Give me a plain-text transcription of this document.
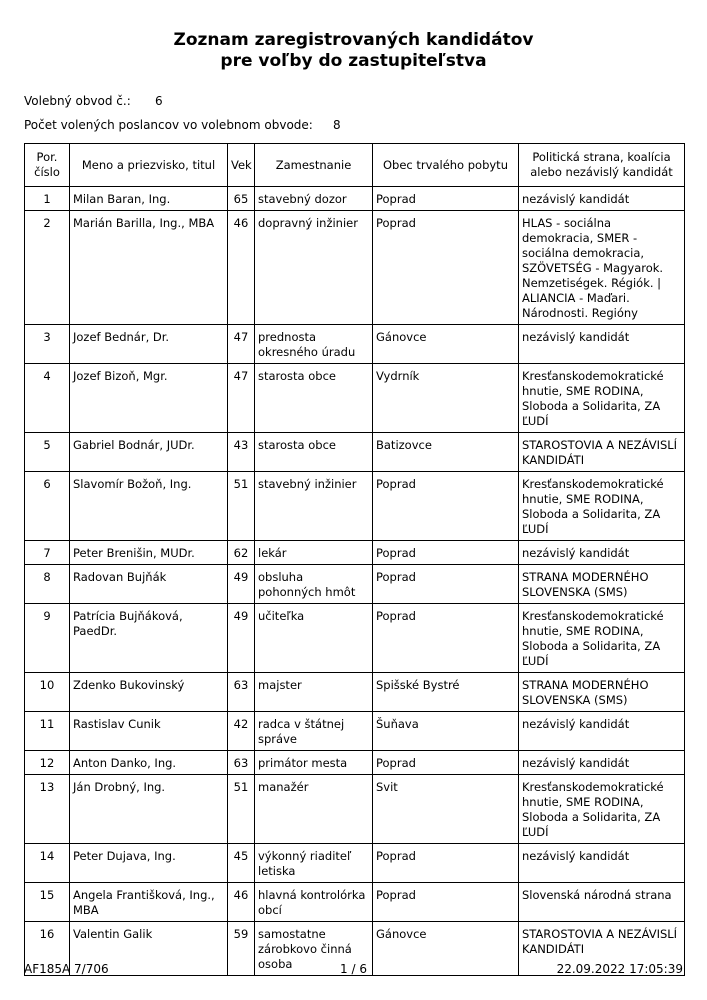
Zoznam zaregistrovaných kandidátov
pre voľby do zastupiteľstva
Volebný obvod č.: 6
Počet volených poslancov vo volebnom obvode: 8
Por.
číslo	Meno a priezvisko, titul	Vek	Zamestnanie	Obec trvalého pobytu	Politická strana, koalícia
alebo nezávislý kandidát
1	Milan Baran, Ing.	65	stavebný dozor	Poprad	nezávislý kandidát
2	Marián Barilla, Ing., MBA	46	dopravný inžinier	Poprad	HLAS - sociálna demokracia, SMER - sociálna demokracia, SZÖVETSÉG - Magyarok. Nemzetiségek. Régiók. | ALIANCIA - Maďari. Národnosti. Regióny
3	Jozef Bednár, Dr.	47	prednosta okresného úradu	Gánovce	nezávislý kandidát
4	Jozef Bizoň, Mgr.	47	starosta obce	Vydrník	Kresťanskodemokratické hnutie, SME RODINA, Sloboda a Solidarita, ZA ĽUDÍ
5	Gabriel Bodnár, JUDr.	43	starosta obce	Batizovce	STAROSTOVIA A NEZÁVISLÍ KANDIDÁTI
6	Slavomír Božoň, Ing.	51	stavebný inžinier	Poprad	Kresťanskodemokratické hnutie, SME RODINA, Sloboda a Solidarita, ZA ĽUDÍ
7	Peter Brenišin, MUDr.	62	lekár	Poprad	nezávislý kandidát
8	Radovan Bujňák	49	obsluha pohonných hmôt	Poprad	STRANA MODERNÉHO SLOVENSKA (SMS)
9	Patrícia Bujňáková, PaedDr.	49	učiteľka	Poprad	Kresťanskodemokratické hnutie, SME RODINA, Sloboda a Solidarita, ZA ĽUDÍ
10	Zdenko Bukovinský	63	majster	Spišské Bystré	STRANA MODERNÉHO SLOVENSKA (SMS)
11	Rastislav Cunik	42	radca v štátnej správe	Šuňava	nezávislý kandidát
12	Anton Danko, Ing.	63	primátor mesta	Poprad	nezávislý kandidát
13	Ján Drobný, Ing.	51	manažér	Svit	Kresťanskodemokratické hnutie, SME RODINA, Sloboda a Solidarita, ZA ĽUDÍ
14	Peter Dujava, Ing.	45	výkonný riaditeľ letiska	Poprad	nezávislý kandidát
15	Angela Františková, Ing., MBA	46	hlavná kontrolórka obcí	Poprad	Slovenská národná strana
16	Valentin Galik	59	samostatne zárobkovo činná osoba	Gánovce	STAROSTOVIA A NEZÁVISLÍ KANDIDÁTI
AF185A 7/706	1 / 6	22.09.2022 17:05:39
